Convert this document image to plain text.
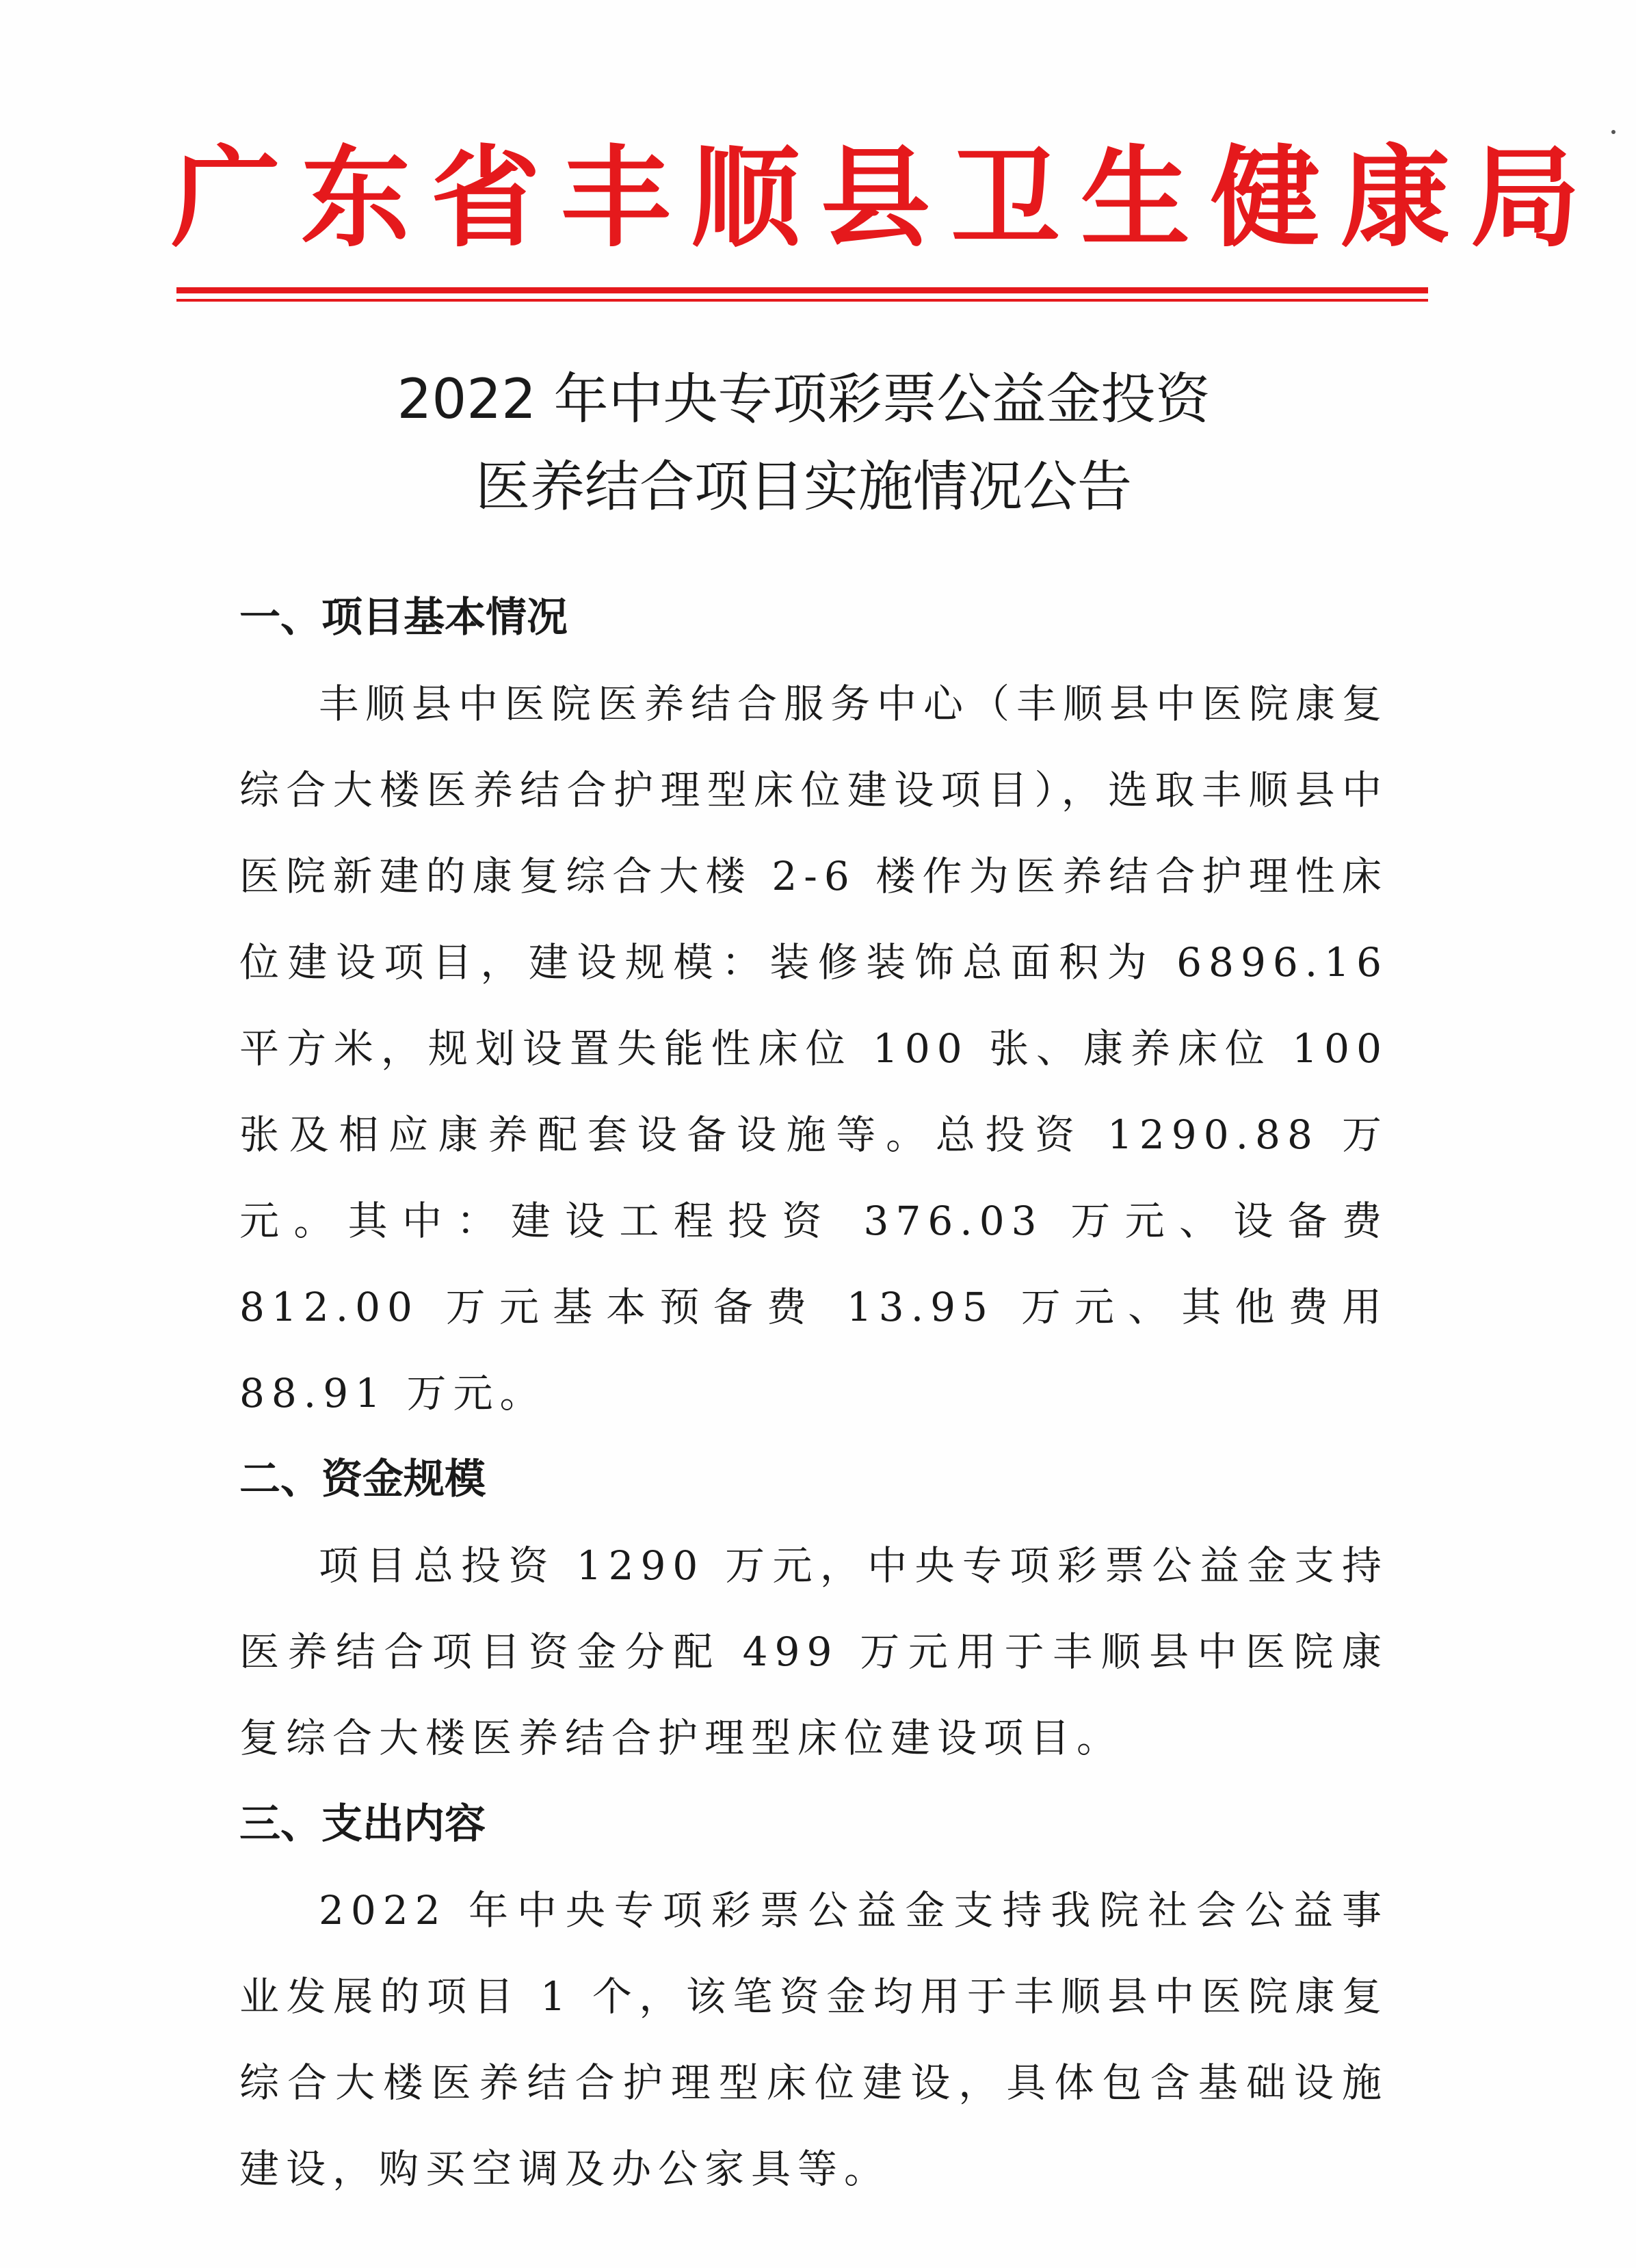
广东省丰顺县卫生健康局
2022 年中央专项彩票公益金投资
医养结合项目实施情况公告

一、项目基本情况

丰顺县中医院医养结合服务中心（丰顺县中医院康复综合大楼医养结合护理型床位建设项目），选取丰顺县中医院新建的康复综合大楼 2-6 楼作为医养结合护理性床位建设项目，建设规模：装修装饰总面积为 6896.16 平方米，规划设置失能性床位 100 张、康养床位 100 张及相应康养配套设备设施等。总投资 1290.88 万元。其中：建设工程投资 376.03 万元、设备费 812.00 万元基本预备费 13.95 万元、其他费用 88.91 万元。

二、资金规模

项目总投资 1290 万元，中央专项彩票公益金支持医养结合项目资金分配 499 万元用于丰顺县中医院康复综合大楼医养结合护理型床位建设项目。

三、支出内容

2022 年中央专项彩票公益金支持我院社会公益事业发展的项目 1 个，该笔资金均用于丰顺县中医院康复综合大楼医养结合护理型床位建设，具体包含基础设施建设，购买空调及办公家具等。
